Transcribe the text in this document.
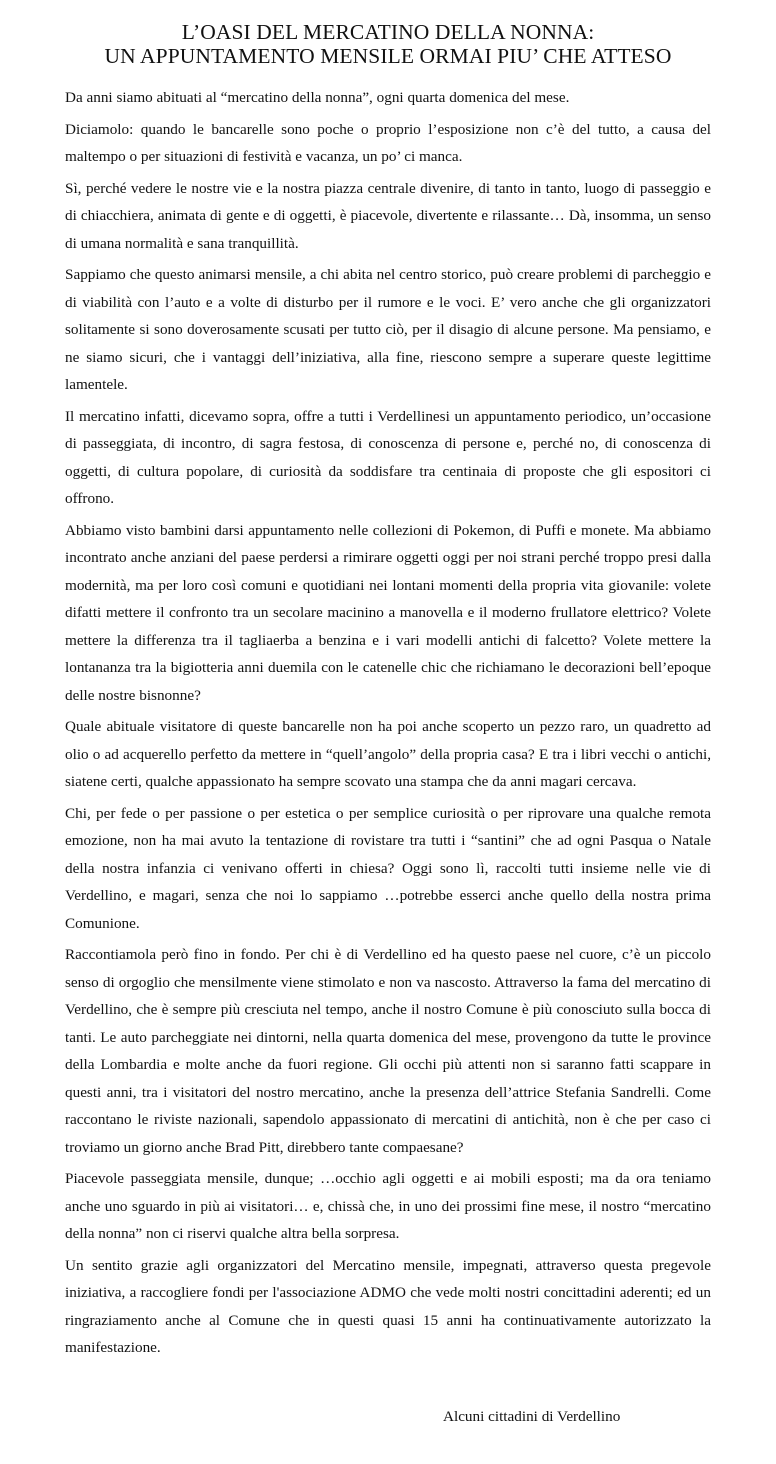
L’OASI DEL MERCATINO DELLA NONNA:
UN APPUNTAMENTO MENSILE ORMAI PIU’ CHE ATTESO

Da anni siamo abituati al “mercatino della nonna”, ogni quarta domenica del mese.

Diciamolo: quando le bancarelle sono poche o proprio l’esposizione non c’è del tutto, a causa del maltempo o per situazioni di festività e vacanza, un po’ ci manca.

Sì, perché vedere le nostre vie e la nostra piazza centrale divenire, di tanto in tanto, luogo di passeggio e di chiacchiera, animata di gente e di oggetti, è piacevole, divertente e rilassante… Dà, insomma, un senso di umana normalità e sana tranquillità.

Sappiamo che questo animarsi mensile, a chi abita nel centro storico, può creare problemi di parcheggio e di viabilità con l’auto e a volte di disturbo per il rumore e le voci. E’ vero anche che gli organizzatori solitamente si sono doverosamente scusati per tutto ciò, per il disagio di alcune persone. Ma pensiamo, e ne siamo sicuri, che i vantaggi dell’iniziativa, alla fine, riescono sempre a superare queste legittime lamentele.

Il mercatino infatti, dicevamo sopra, offre a tutti i Verdellinesi un appuntamento periodico, un’occasione di passeggiata, di incontro, di sagra festosa, di conoscenza di persone e, perché no, di conoscenza di oggetti, di cultura popolare, di curiosità da soddisfare tra centinaia di proposte che gli espositori ci offrono.

Abbiamo visto bambini darsi appuntamento nelle collezioni di Pokemon, di Puffi e monete. Ma abbiamo incontrato anche anziani del paese perdersi a rimirare oggetti oggi per noi strani perché troppo presi dalla modernità, ma per loro così comuni e quotidiani nei lontani momenti della propria vita giovanile: volete difatti mettere il confronto tra un secolare macinino a manovella e il moderno frullatore elettrico? Volete mettere la differenza tra il tagliaerba a benzina e i vari modelli antichi di falcetto? Volete mettere la lontananza tra la bigiotteria anni duemila con le catenelle chic che richiamano le decorazioni bell’epoque delle nostre bisnonne?

Quale abituale visitatore di queste bancarelle non ha poi anche scoperto un pezzo raro, un quadretto ad olio o ad acquerello perfetto da mettere in “quell’angolo” della propria casa? E tra i libri vecchi o antichi, siatene certi, qualche appassionato ha sempre scovato una stampa che da anni magari cercava.

Chi, per fede o per passione o per estetica o per semplice curiosità o per riprovare una qualche remota emozione, non ha mai avuto la tentazione di rovistare tra tutti i “santini” che ad ogni Pasqua o Natale della nostra infanzia ci venivano offerti in chiesa? Oggi sono lì, raccolti tutti insieme nelle vie di Verdellino, e magari, senza che noi lo sappiamo …potrebbe esserci anche quello della nostra prima Comunione.

Raccontiamola però fino in fondo. Per chi è di Verdellino ed ha questo paese nel cuore, c’è un piccolo senso di orgoglio che mensilmente viene stimolato e non va nascosto. Attraverso la fama del mercatino di Verdellino, che è sempre più cresciuta nel tempo, anche il nostro Comune è più conosciuto sulla bocca di tanti. Le auto parcheggiate nei dintorni, nella quarta domenica del mese, provengono da tutte le province della Lombardia e molte anche da fuori regione. Gli occhi più attenti non si saranno fatti scappare in questi anni, tra i visitatori del nostro mercatino, anche la presenza dell’attrice Stefania Sandrelli. Come raccontano le riviste nazionali, sapendolo appassionato di mercatini di antichità, non è che per caso ci troviamo un giorno anche Brad Pitt, direbbero tante compaesane?

Piacevole passeggiata mensile, dunque; …occhio agli oggetti e ai mobili esposti; ma da ora teniamo anche uno sguardo in più ai visitatori… e, chissà che, in uno dei prossimi fine mese, il nostro “mercatino della nonna” non ci riservi qualche altra bella sorpresa.

Un sentito grazie agli organizzatori del Mercatino mensile, impegnati, attraverso questa pregevole iniziativa, a raccogliere fondi per l'associazione ADMO che vede molti nostri concittadini aderenti; ed un ringraziamento anche al Comune che in questi quasi 15 anni ha continuativamente autorizzato la manifestazione.

Alcuni cittadini di Verdellino
